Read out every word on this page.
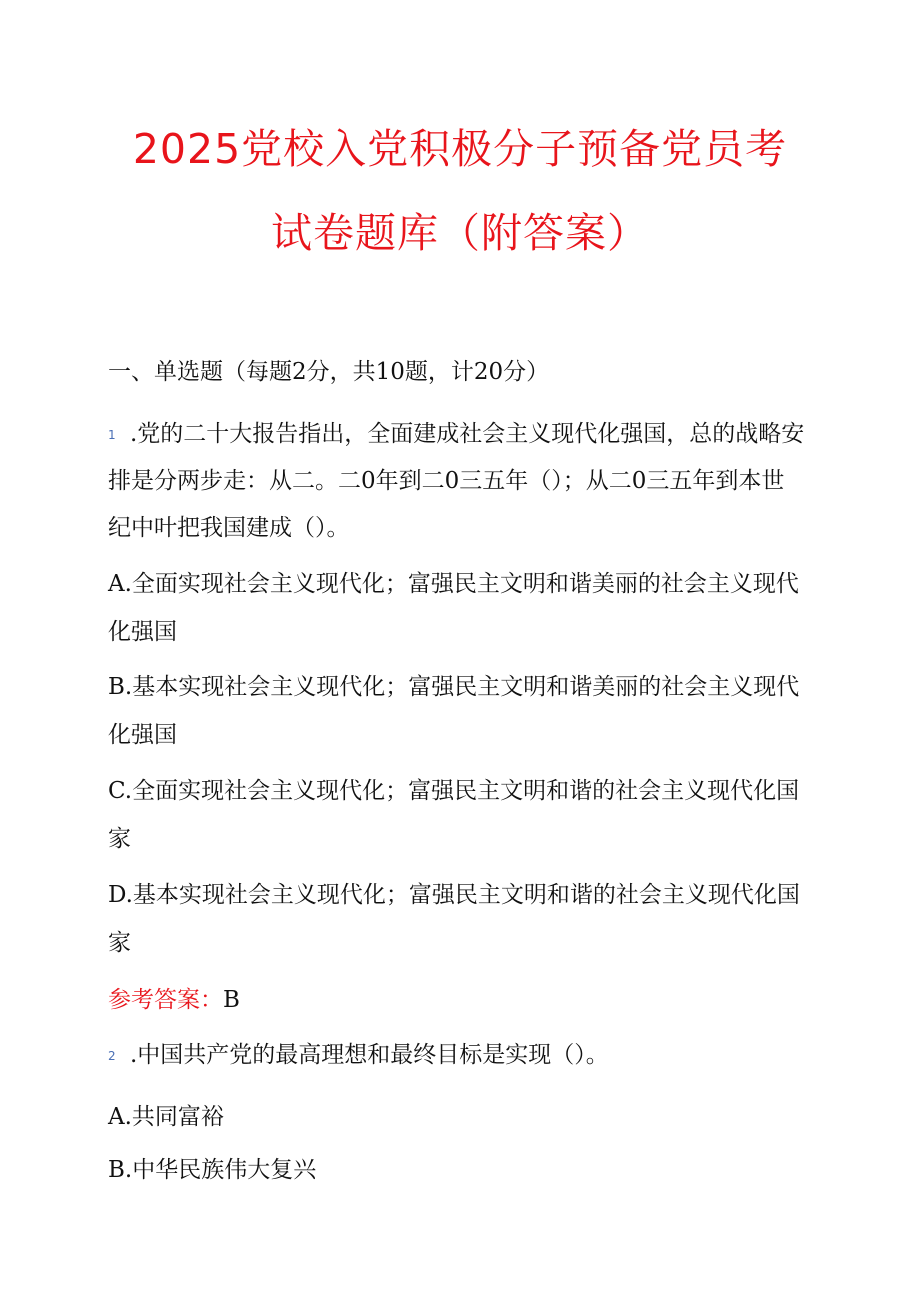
2025党校入党积极分子预备党员考
试卷题库（附答案）
一、单选题（每题2分，共10题，计20分）
1 .党的二十大报告指出，全面建成社会主义现代化强国，总的战略安
排是分两步走：从二。二0年到二0三五年（）；从二0三五年到本世
纪中叶把我国建成（）。
A.全面实现社会主义现代化；富强民主文明和谐美丽的社会主义现代
化强国
B.基本实现社会主义现代化；富强民主文明和谐美丽的社会主义现代
化强国
C.全面实现社会主义现代化；富强民主文明和谐的社会主义现代化国
家
D.基本实现社会主义现代化；富强民主文明和谐的社会主义现代化国
家
参考答案：B
2 .中国共产党的最高理想和最终目标是实现（）。
A.共同富裕
B.中华民族伟大复兴
